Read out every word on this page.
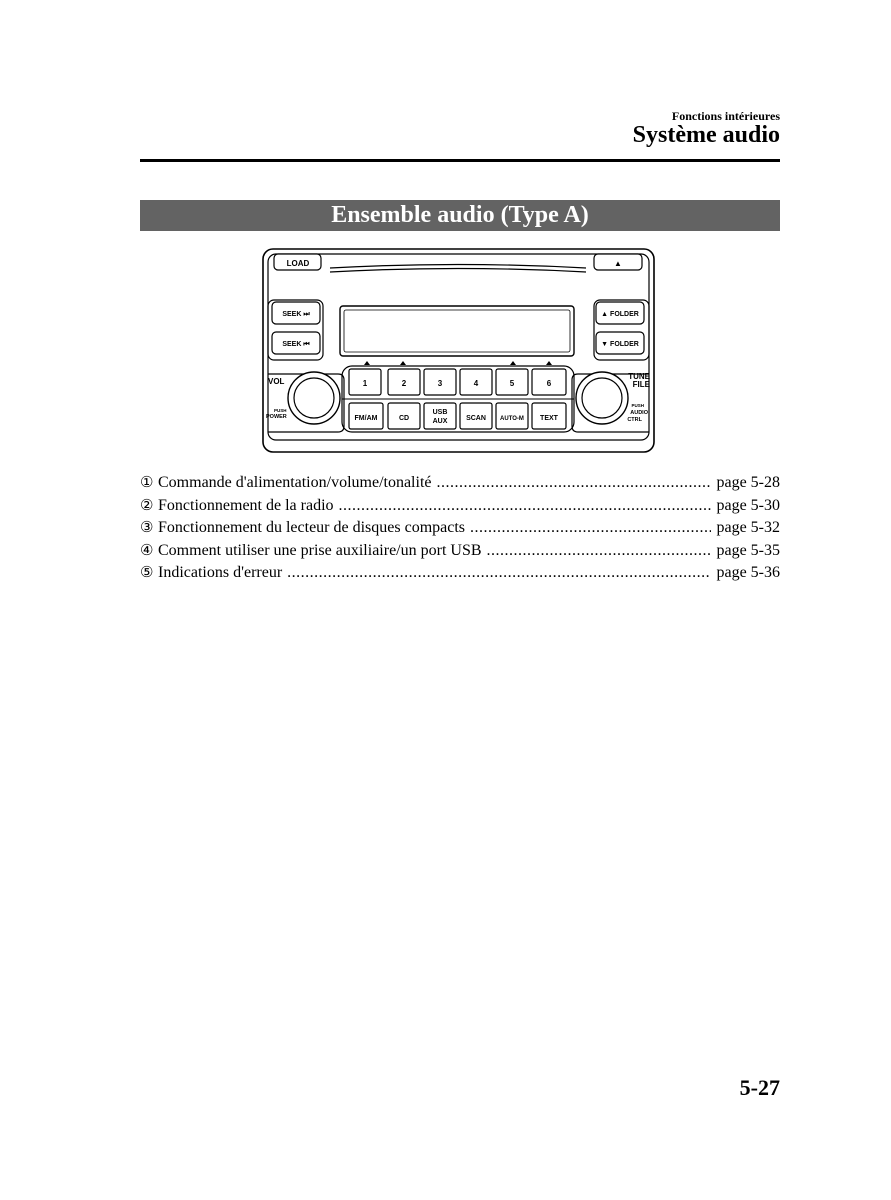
Fonctions intérieures
Système audio
Ensemble audio (Type A)
LOAD	▲
SEEK ⏭
SEEK ⏮
▲ FOLDER
▼ FOLDER
1	2	3	4	5	6
FM/AM	CD
USB
AUX	SCAN AUTO-M TEXT
VOL
PUSH
POWER
TUNE
FILE
PUSH
AUDIO
CTRL
① Commande d'alimentation/volume/tonalité .....	page 5-28
② Fonctionnement de la radio .....	page 5-30
③ Fonctionnement du lecteur de disques compacts .....	page 5-32
④ Comment utiliser une prise auxiliaire/un port USB .....	page 5-35
⑤ Indications d'erreur .....	page 5-36
5-27
